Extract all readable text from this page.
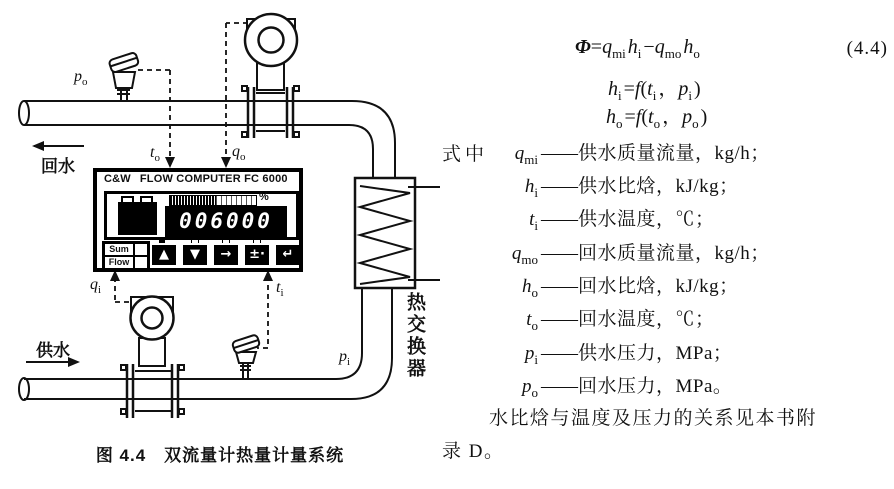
$p_o$
$t_o$	$q_o$
$q_i$	$t_i$
$p_i$
回水
供水	热交换器
图 4.4　双流量计热量计量系统
C&W FLOW COMPUTER FC 6000
%
006000
Sum
Flow	▲	▼	→	±·	↵
$\Phi=q_{mi}$ $h_i -q_{mo}$ $h_o$	(4.4)
$h_i =f(t_i$ ，$p_i$ )
$h_o =f(t_o$ ，$p_o$ )
式中	$q_{mi}$ ——供水质量流量，kg/h；
$h_i$ ——供水比焓，kJ/kg；
$t_i$ ——供水温度，℃；
$q_{mo}$ ——回水质量流量，kg/h；
$h_o$ ——回水比焓，kJ/kg；
$t_o$ ——回水温度，℃；
$p_i$ ——供水压力，MPa；
$p_o$ ——回水压力，MPa。
水比焓与温度及压力的关系见本书附
录 D。
